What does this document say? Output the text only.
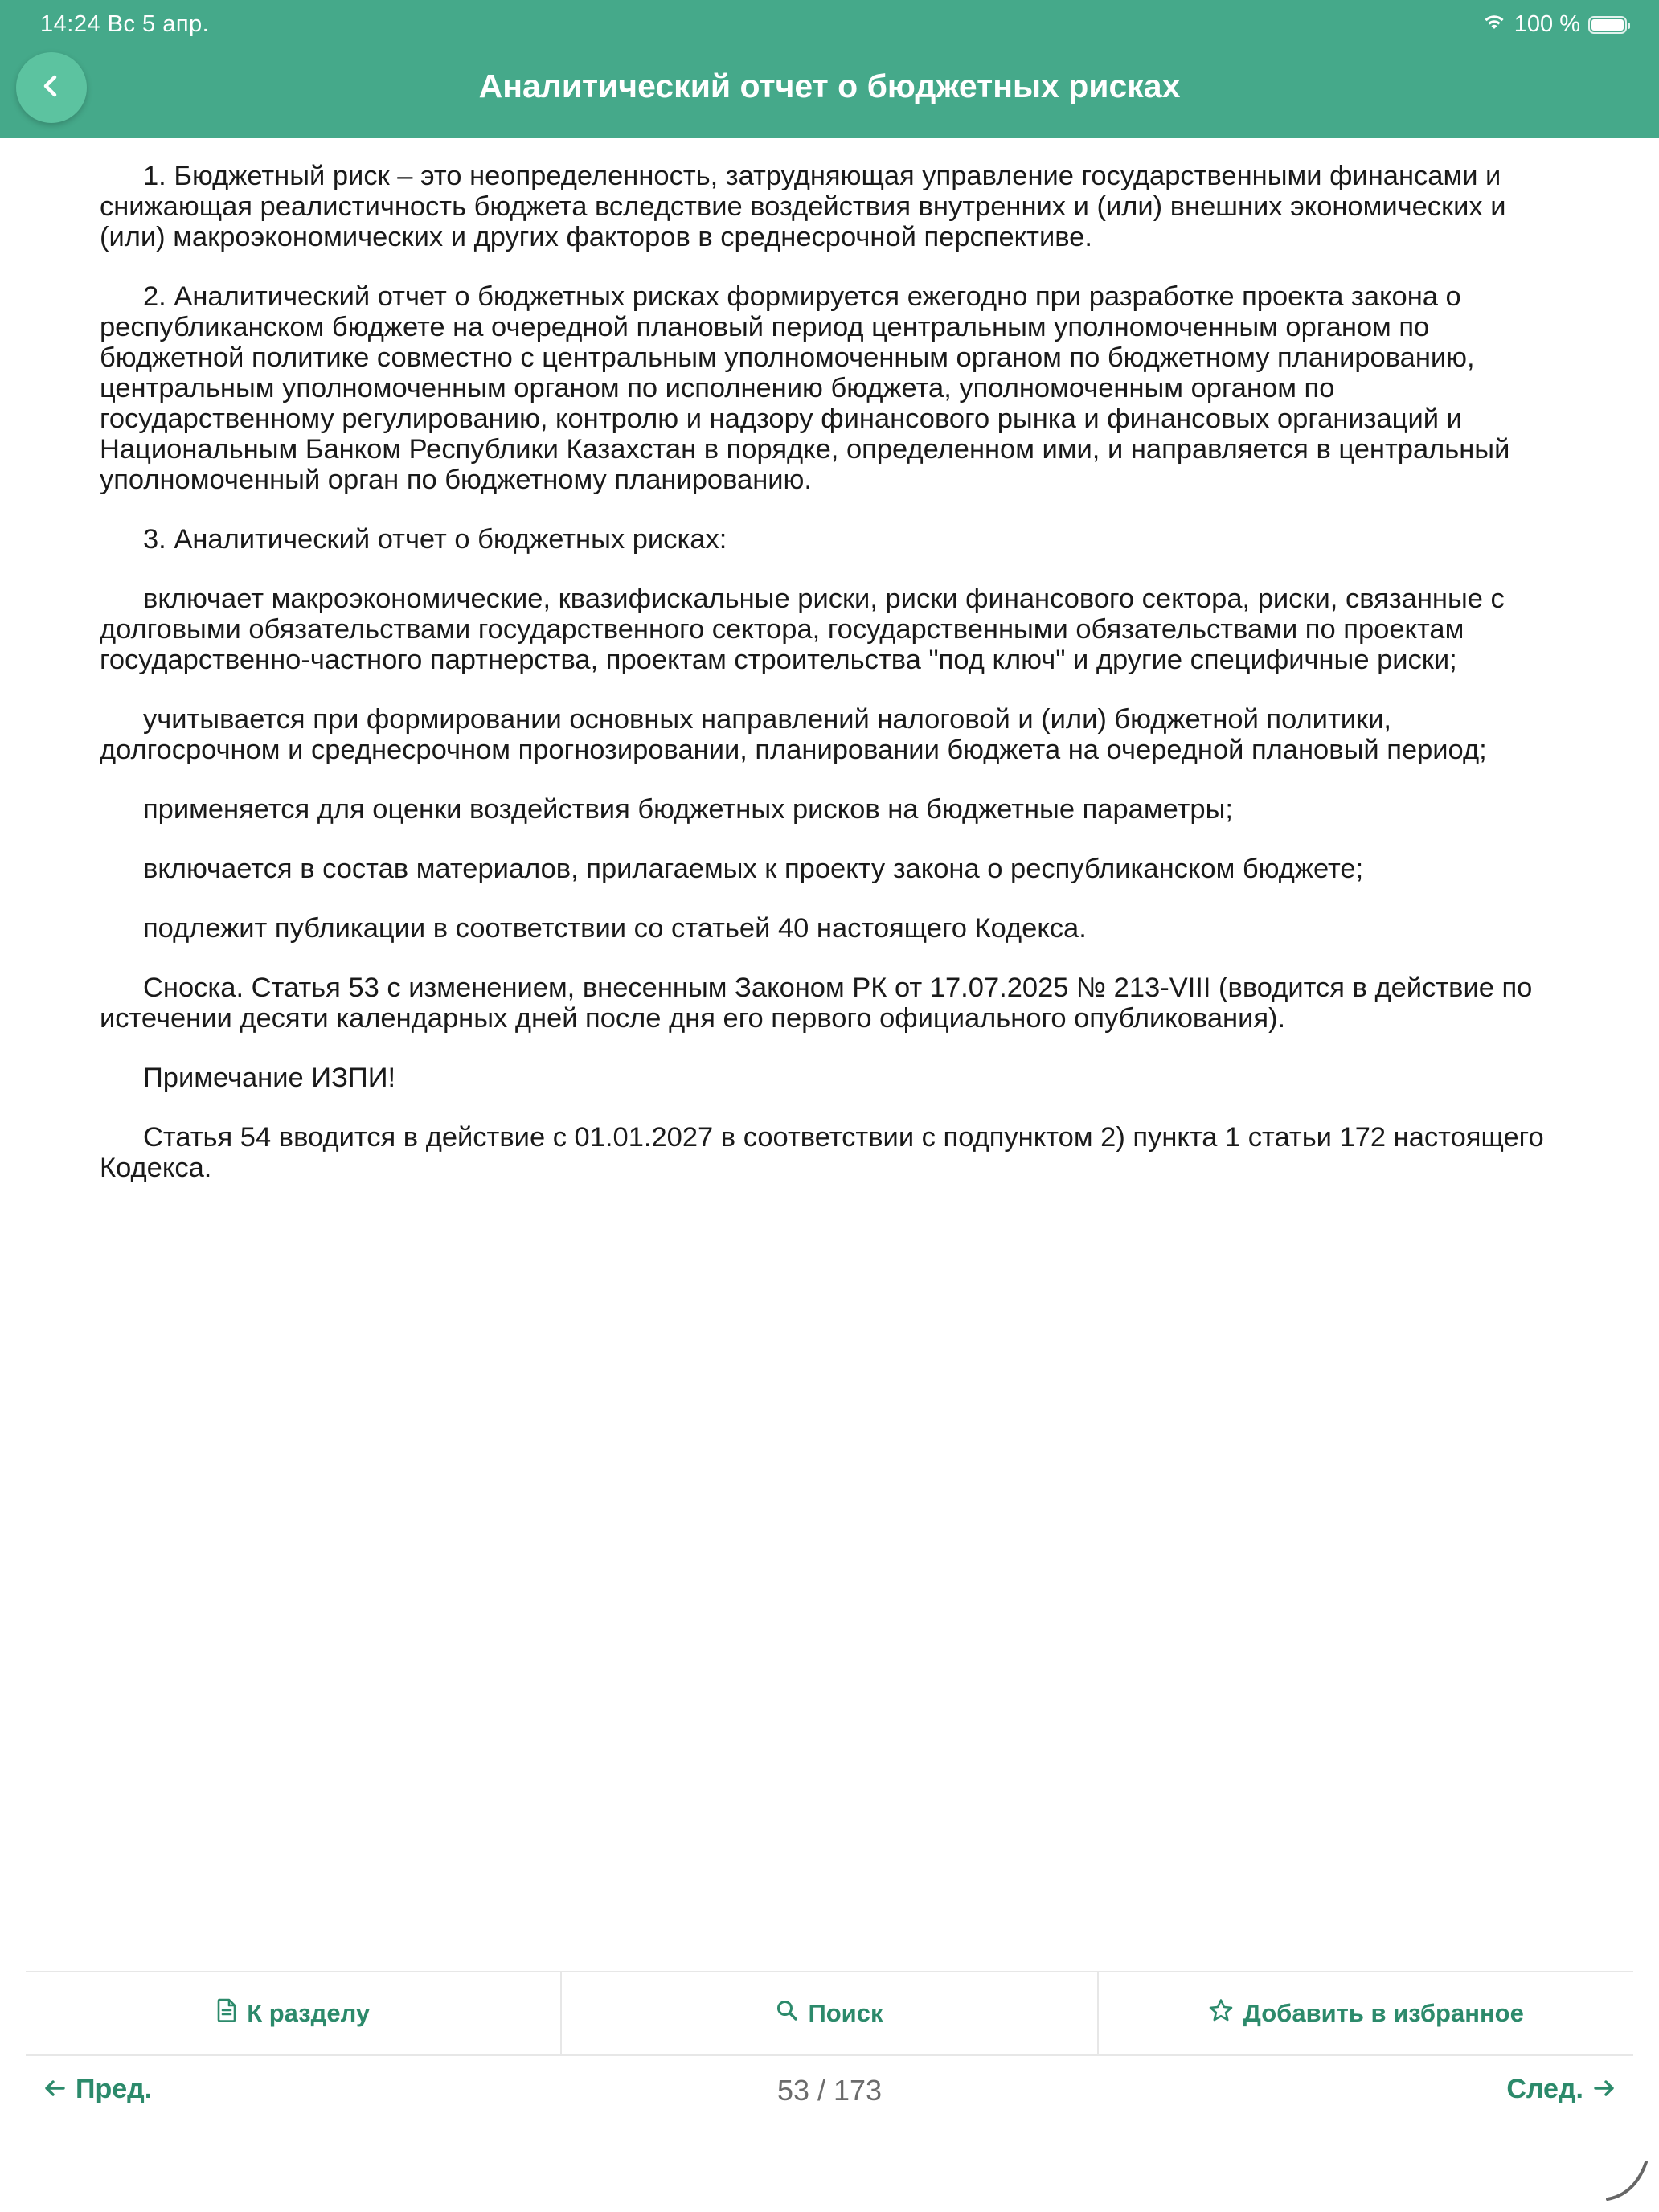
14:24 Вс 5 апр.	100 %
Аналитический отчет о бюджетных рисках

1. Бюджетный риск – это неопределенность, затрудняющая управление государственными финансами и снижающая реалистичность бюджета вследствие воздействия внутренних и (или) внешних экономических и (или) макроэкономических и других факторов в среднесрочной перспективе.

2. Аналитический отчет о бюджетных рисках формируется ежегодно при разработке проекта закона о республиканском бюджете на очередной плановый период центральным уполномоченным органом по бюджетной политике совместно с центральным уполномоченным органом по бюджетному планированию, центральным уполномоченным органом по исполнению бюджета, уполномоченным органом по государственному регулированию, контролю и надзору финансового рынка и финансовых организаций и Национальным Банком Республики Казахстан в порядке, определенном ими, и направляется в центральный уполномоченный орган по бюджетному планированию.

3. Аналитический отчет о бюджетных рисках:

включает макроэкономические, квазифискальные риски, риски финансового сектора, риски, связанные с долговыми обязательствами государственного сектора, государственными обязательствами по проектам государственно-частного партнерства, проектам строительства "под ключ" и другие специфичные риски;

учитывается при формировании основных направлений налоговой и (или) бюджетной политики, долгосрочном и среднесрочном прогнозировании, планировании бюджета на очередной плановый период;

применяется для оценки воздействия бюджетных рисков на бюджетные параметры;

включается в состав материалов, прилагаемых к проекту закона о республиканском бюджете;

подлежит публикации в соответствии со статьей 40 настоящего Кодекса.

Сноска. Статья 53 с изменением, внесенным Законом РК от 17.07.2025 № 213-VIII (вводится в действие по истечении десяти календарных дней после дня его первого официального опубликования).

Примечание ИЗПИ!

Статья 54 вводится в действие с 01.01.2027 в соответствии с подпунктом 2) пункта 1 статьи 172 настоящего Кодекса.

К разделу	Поиск	Добавить в избранное
Пред.	53 / 173	След.
